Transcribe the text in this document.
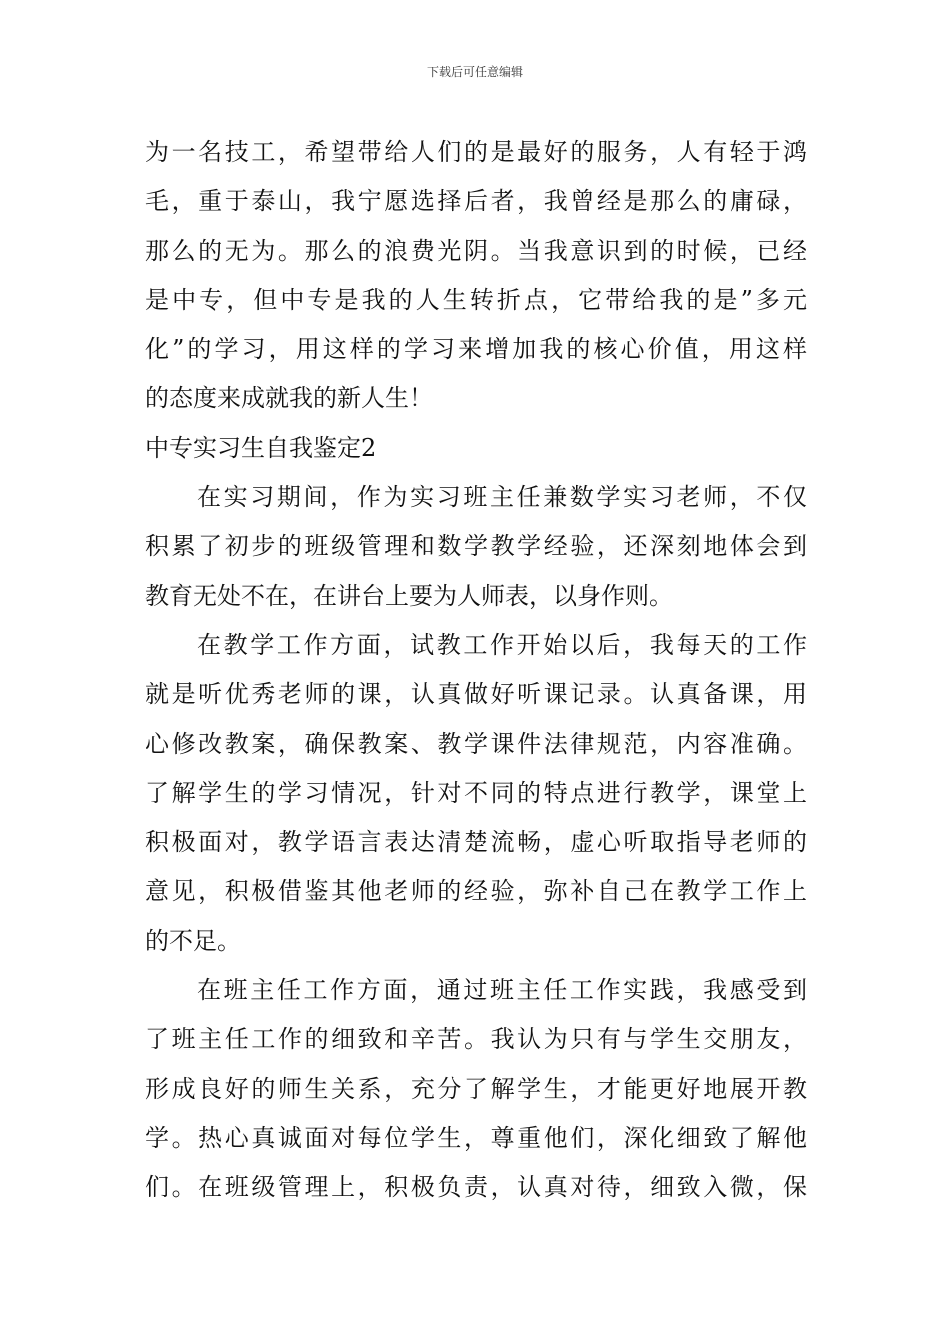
下载后可任意编辑
为一名技工，希望带给人们的是最好的服务，人有轻于鸿
毛，重于泰山，我宁愿选择后者，我曾经是那么的庸碌，
那么的无为。那么的浪费光阴。当我意识到的时候，已经
是中专，但中专是我的人生转折点，它带给我的是”多元
化”的学习，用这样的学习来增加我的核心价值，用这样
的态度来成就我的新人生！
中专实习生自我鉴定2
在实习期间，作为实习班主任兼数学实习老师，不仅
积累了初步的班级管理和数学教学经验，还深刻地体会到
教育无处不在，在讲台上要为人师表，以身作则。
在教学工作方面，试教工作开始以后，我每天的工作
就是听优秀老师的课，认真做好听课记录。认真备课，用
心修改教案，确保教案、教学课件法律规范，内容准确。
了解学生的学习情况，针对不同的特点进行教学，课堂上
积极面对，教学语言表达清楚流畅，虚心听取指导老师的
意见，积极借鉴其他老师的经验，弥补自己在教学工作上
的不足。
在班主任工作方面，通过班主任工作实践，我感受到
了班主任工作的细致和辛苦。我认为只有与学生交朋友，
形成良好的师生关系，充分了解学生，才能更好地展开教
学。热心真诚面对每位学生，尊重他们，深化细致了解他
们。在班级管理上，积极负责，认真对待，细致入微，保
